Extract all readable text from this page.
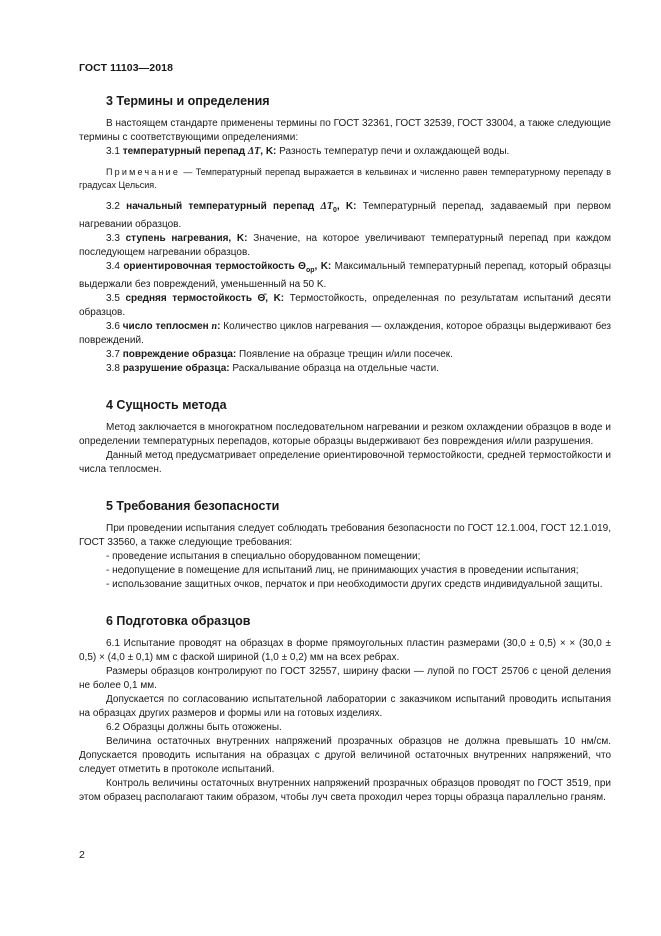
ГОСТ 11103—2018
3 Термины и определения

В настоящем стандарте применены термины по ГОСТ 32361, ГОСТ 32539, ГОСТ 33004, а также следующие термины с соответствующими определениями:

3.1 температурный перепад ΔT, K: Разность температур печи и охлаждающей воды.

Примечание — Температурный перепад выражается в кельвинах и численно равен температурному перепаду в градусах Цельсия.

3.2 начальный температурный перепад $\Delta T_0$, K: Температурный перепад, задаваемый при первом нагревании образцов.

3.3 ступень нагревания, K: Значение, на которое увеличивают температурный перепад при каждом последующем нагревании образцов.

3.4 ориентировочная термостойкость $\Theta_{ор}$, K: Максимальный температурный перепад, который образцы выдержали без повреждений, уменьшенный на 50 K.

3.5 средняя термостойкость Θ̄, K: Термостойкость, определенная по результатам испытаний десяти образцов.

3.6 число теплосмен n: Количество циклов нагревания — охлаждения, которое образцы выдерживают без повреждений.

3.7 повреждение образца: Появление на образце трещин и/или посечек.

3.8 разрушение образца: Раскалывание образца на отдельные части.

4 Сущность метода

Метод заключается в многократном последовательном нагревании и резком охлаждении образцов в воде и определении температурных перепадов, которые образцы выдерживают без повреждения и/или разрушения.

Данный метод предусматривает определение ориентировочной термостойкости, средней термостойкости и числа теплосмен.

5 Требования безопасности

При проведении испытания следует соблюдать требования безопасности по ГОСТ 12.1.004, ГОСТ 12.1.019, ГОСТ 33560, а также следующие требования:

- проведение испытания в специально оборудованном помещении;

- недопущение в помещение для испытаний лиц, не принимающих участия в проведении испытания;

- использование защитных очков, перчаток и при необходимости других средств индивидуальной защиты.

6 Подготовка образцов

6.1 Испытание проводят на образцах в форме прямоугольных пластин размерами (30,0 ± 0,5) × × (30,0 ± 0,5) × (4,0 ± 0,1) мм с фаской шириной (1,0 ± 0,2) мм на всех ребрах.

Размеры образцов контролируют по ГОСТ 32557, ширину фаски — лупой по ГОСТ 25706 с ценой деления не более 0,1 мм.

Допускается по согласованию испытательной лаборатории с заказчиком испытаний проводить испытания на образцах других размеров и формы или на готовых изделиях.

6.2 Образцы должны быть отожжены.

Величина остаточных внутренних напряжений прозрачных образцов не должна превышать 10 нм/см. Допускается проводить испытания на образцах с другой величиной остаточных внутренних напряжений, что следует отметить в протоколе испытаний.

Контроль величины остаточных внутренних напряжений прозрачных образцов проводят по ГОСТ 3519, при этом образец располагают таким образом, чтобы луч света проходил через торцы образца параллельно граням.

2
